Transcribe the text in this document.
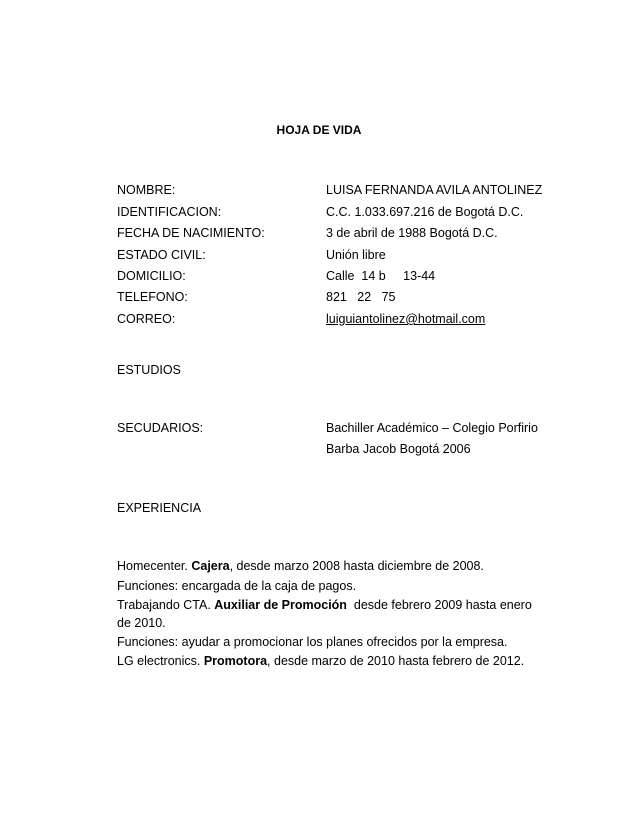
HOJA DE VIDA
NOMBRE:	LUISA FERNANDA AVILA ANTOLINEZ
IDENTIFICACION:	C.C. 1.033.697.216 de Bogotá D.C.
FECHA DE NACIMIENTO:	3 de abril de 1988 Bogotá D.C.
ESTADO CIVIL:	Unión libre
DOMICILIO:	Calle  14 b     13-44
TELEFONO:	821   22   75
CORREO:	luiguiantolinez@hotmail.com
ESTUDIOS
SECUDARIOS:	Bachiller Académico – Colegio Porfirio
Barba Jacob Bogotá 2006
EXPERIENCIA
Homecenter. Cajera, desde marzo 2008 hasta diciembre de 2008.
Funciones: encargada de la caja de pagos.
Trabajando CTA. Auxiliar de Promoción  desde febrero 2009 hasta enero de 2010.
Funciones: ayudar a promocionar los planes ofrecidos por la empresa.
LG electronics. Promotora, desde marzo de 2010 hasta febrero de 2012.
